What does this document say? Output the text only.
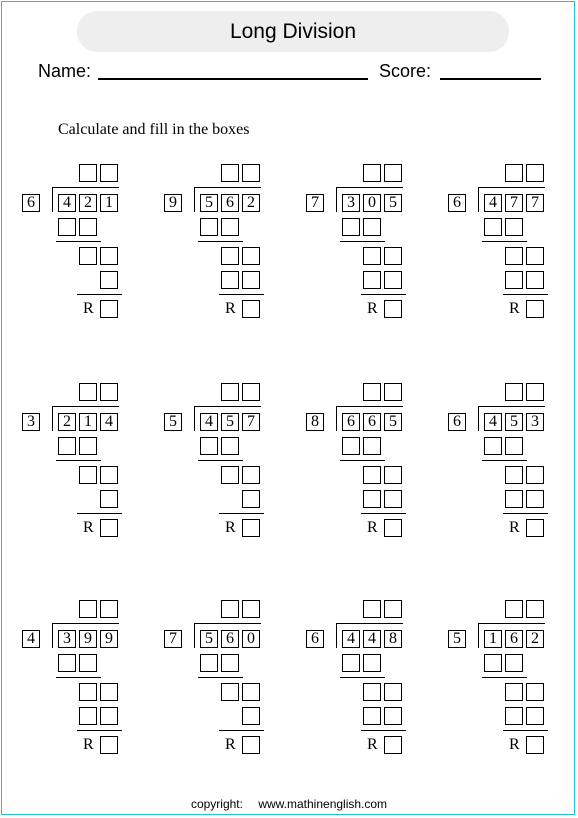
Long Division
Name:	Score:
Calculate and fill in the boxes
6	4 2 1
R
9	5 6 2
R
7	3 0 5
R
6	4 7 7
R
3	2 1 4
R
5	4 5 7
R
8	6 6 5
R
6	4 5 3
R
4	3 9 9
R
7	5 6 0
R
6	4 4 8
R
5	1 6 2
R
copyright: www.mathinenglish.com
